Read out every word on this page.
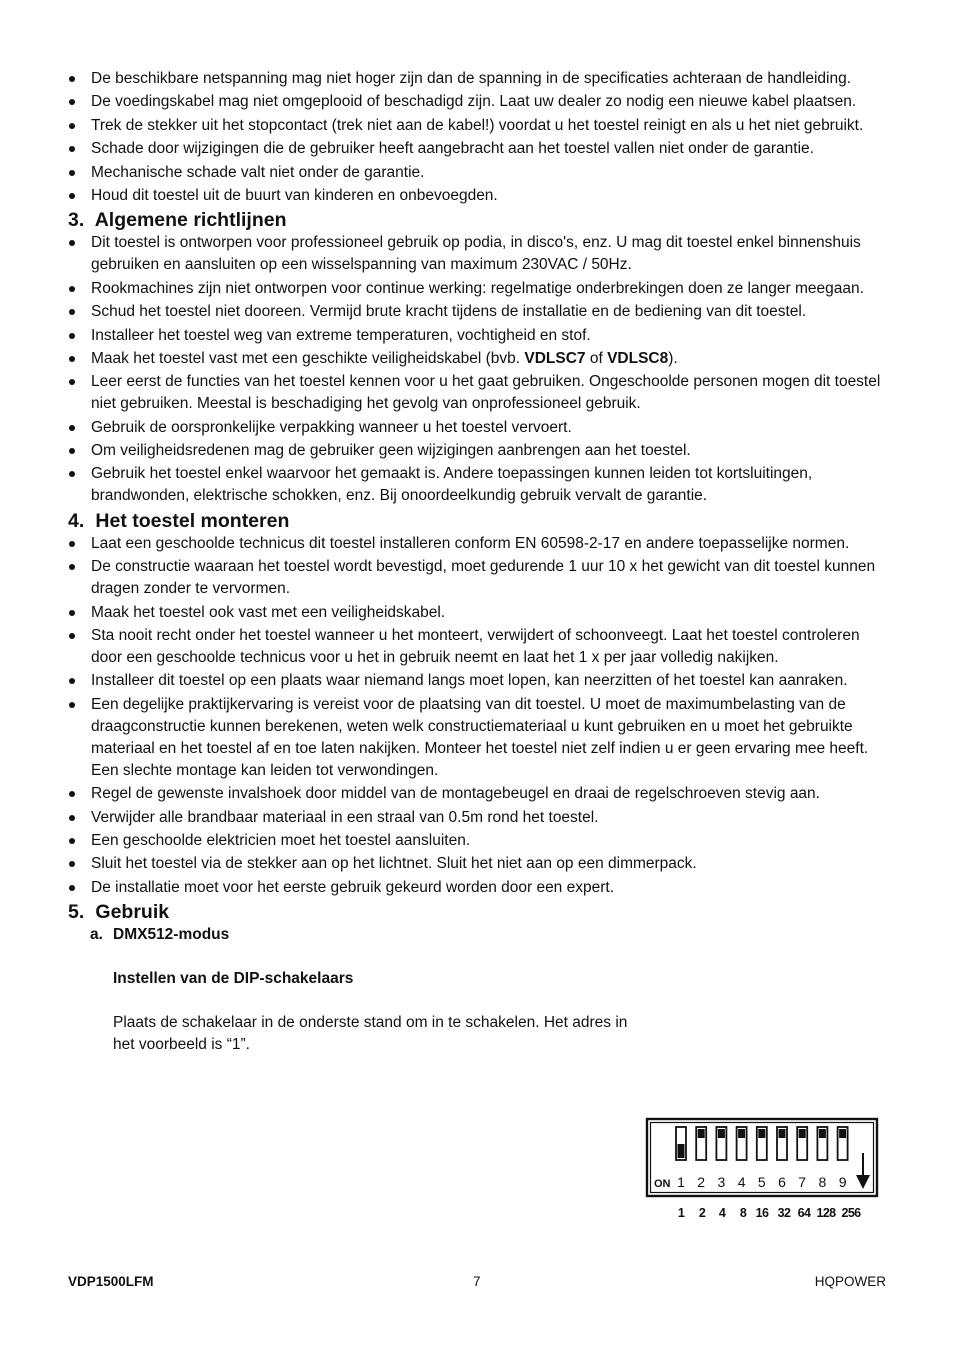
De beschikbare netspanning mag niet hoger zijn dan de spanning in de specificaties achteraan de handleiding.
De voedingskabel mag niet omgeplooid of beschadigd zijn. Laat uw dealer zo nodig een nieuwe kabel plaatsen.
Trek de stekker uit het stopcontact (trek niet aan de kabel!) voordat u het toestel reinigt en als u het niet gebruikt.
Schade door wijzigingen die de gebruiker heeft aangebracht aan het toestel vallen niet onder de garantie.
Mechanische schade valt niet onder de garantie.
Houd dit toestel uit de buurt van kinderen en onbevoegden.
3. Algemene richtlijnen
Dit toestel is ontworpen voor professioneel gebruik op podia, in disco's, enz. U mag dit toestel enkel binnenshuis gebruiken en aansluiten op een wisselspanning van maximum 230VAC / 50Hz.
Rookmachines zijn niet ontworpen voor continue werking: regelmatige onderbrekingen doen ze langer meegaan.
Schud het toestel niet dooreen. Vermijd brute kracht tijdens de installatie en de bediening van dit toestel.
Installeer het toestel weg van extreme temperaturen, vochtigheid en stof.
Maak het toestel vast met een geschikte veiligheidskabel (bvb. VDLSC7 of VDLSC8).
Leer eerst de functies van het toestel kennen voor u het gaat gebruiken. Ongeschoolde personen mogen dit toestel niet gebruiken. Meestal is beschadiging het gevolg van onprofessioneel gebruik.
Gebruik de oorspronkelijke verpakking wanneer u het toestel vervoert.
Om veiligheidsredenen mag de gebruiker geen wijzigingen aanbrengen aan het toestel.
Gebruik het toestel enkel waarvoor het gemaakt is. Andere toepassingen kunnen leiden tot kortsluitingen, brandwonden, elektrische schokken, enz. Bij onoordeelkundig gebruik vervalt de garantie.
4. Het toestel monteren
Laat een geschoolde technicus dit toestel installeren conform EN 60598-2-17 en andere toepasselijke normen.
De constructie waaraan het toestel wordt bevestigd, moet gedurende 1 uur 10 x het gewicht van dit toestel kunnen dragen zonder te vervormen.
Maak het toestel ook vast met een veiligheidskabel.
Sta nooit recht onder het toestel wanneer u het monteert, verwijdert of schoonveegt. Laat het toestel controleren door een geschoolde technicus voor u het in gebruik neemt en laat het 1 x per jaar volledig nakijken.
Installeer dit toestel op een plaats waar niemand langs moet lopen, kan neerzitten of het toestel kan aanraken.
Een degelijke praktijkervaring is vereist voor de plaatsing van dit toestel. U moet de maximumbelasting van de draagconstructie kunnen berekenen, weten welk constructiemateriaal u kunt gebruiken en u moet het gebruikte materiaal en het toestel af en toe laten nakijken. Monteer het toestel niet zelf indien u er geen ervaring mee heeft. Een slechte montage kan leiden tot verwondingen.
Regel de gewenste invalshoek door middel van de montagebeugel en draai de regelschroeven stevig aan.
Verwijder alle brandbaar materiaal in een straal van 0.5m rond het toestel.
Een geschoolde elektricien moet het toestel aansluiten.
Sluit het toestel via de stekker aan op het lichtnet. Sluit het niet aan op een dimmerpack.
De installatie moet voor het eerste gebruik gekeurd worden door een expert.
5. Gebruik
a. DMX512-modus
Instellen van de DIP-schakelaars
Plaats de schakelaar in de onderste stand om in te schakelen. Het adres in het voorbeeld is “1”.
ON 1 2 3 4 5 6 7 8 9
1 2 4 8 16 32 64 128 256
VDP1500LFM	7	HQPOWER
